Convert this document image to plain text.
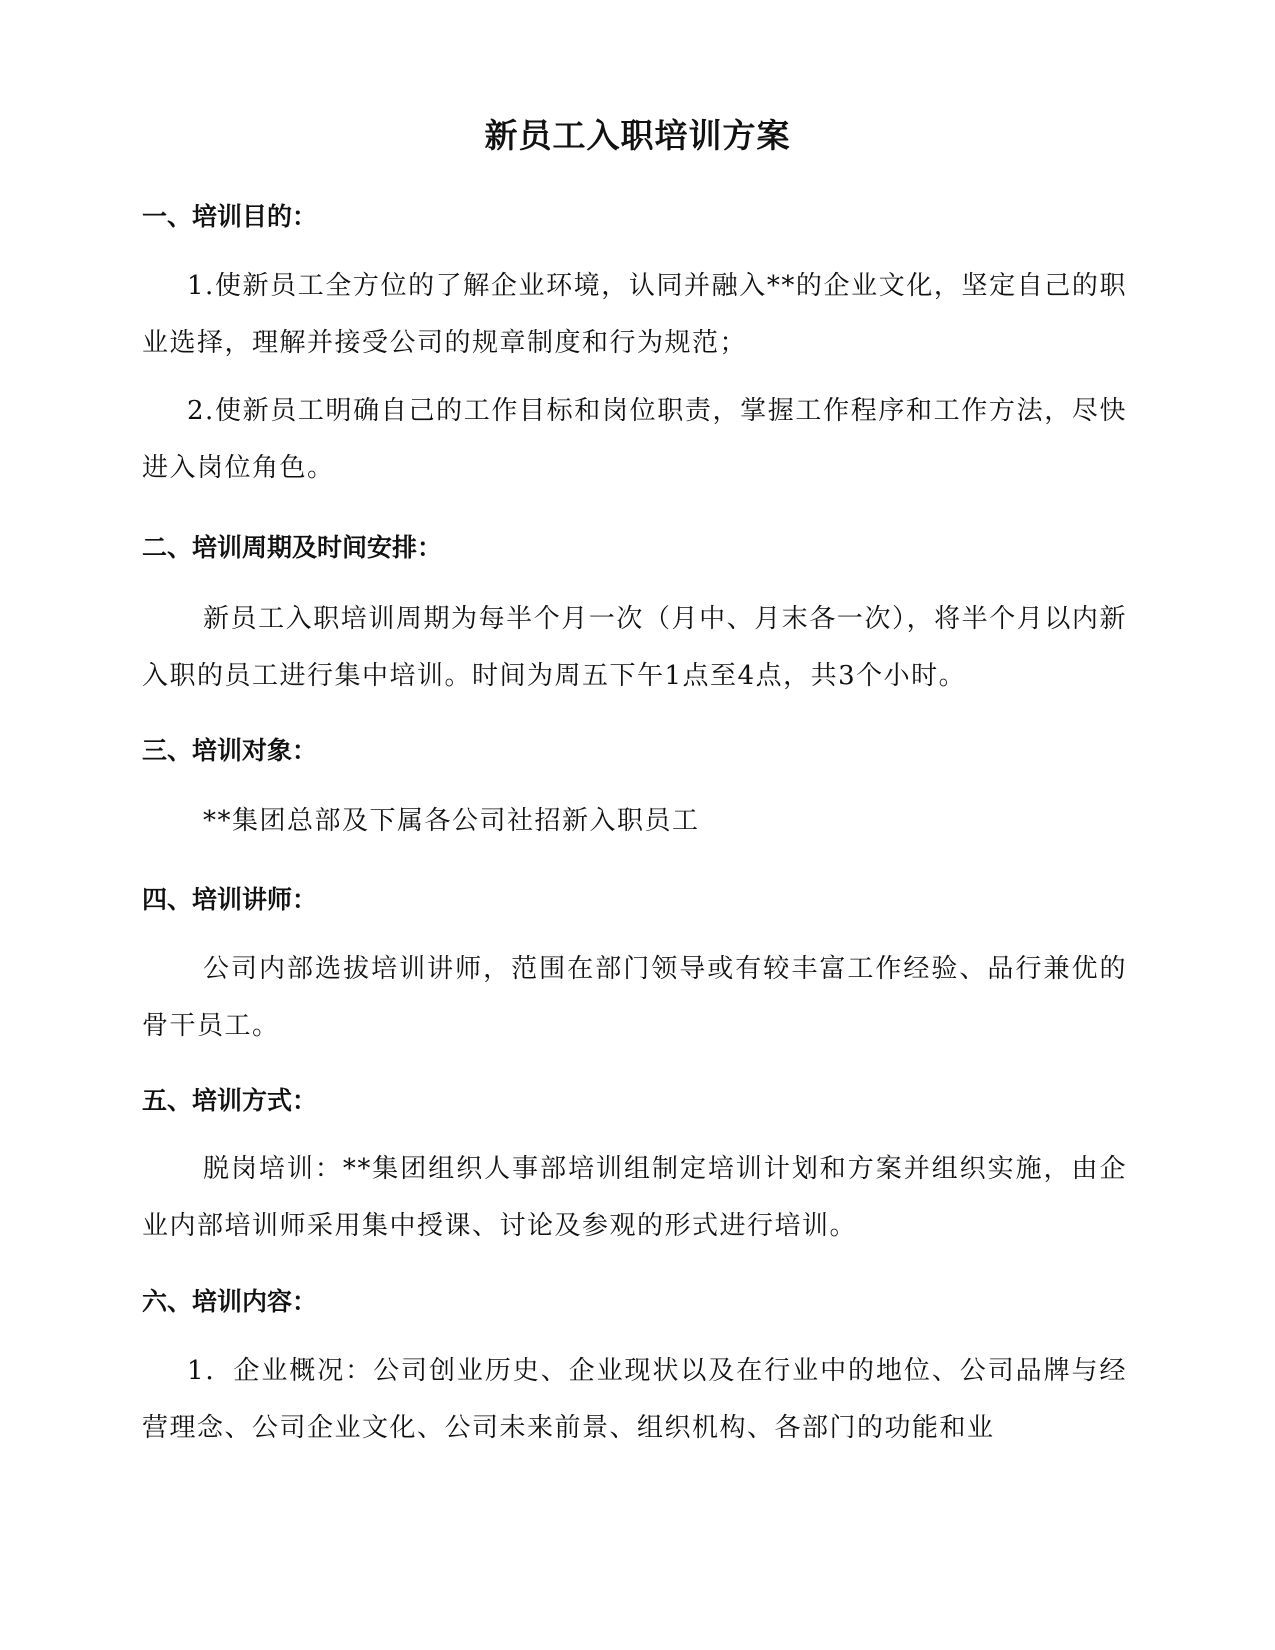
新员工入职培训方案
一、培训目的：
1.使新员工全方位的了解企业环境，认同并融入**的企业文化，坚定自己的职业选择，理解并接受公司的规章制度和行为规范；
2.使新员工明确自己的工作目标和岗位职责，掌握工作程序和工作方法，尽快进入岗位角色。
二、培训周期及时间安排：
新员工入职培训周期为每半个月一次（月中、月末各一次），将半个月以内新入职的员工进行集中培训。时间为周五下午1点至4点，共3个小时。
三、培训对象：
**集团总部及下属各公司社招新入职员工
四、培训讲师：
公司内部选拔培训讲师，范围在部门领导或有较丰富工作经验、品行兼优的骨干员工。
五、培训方式：
脱岗培训：**集团组织人事部培训组制定培训计划和方案并组织实施，由企业内部培训师采用集中授课、讨论及参观的形式进行培训。
六、培训内容：
1．企业概况：公司创业历史、企业现状以及在行业中的地位、公司品牌与经营理念、公司企业文化、公司未来前景、组织机构、各部门的功能和业
